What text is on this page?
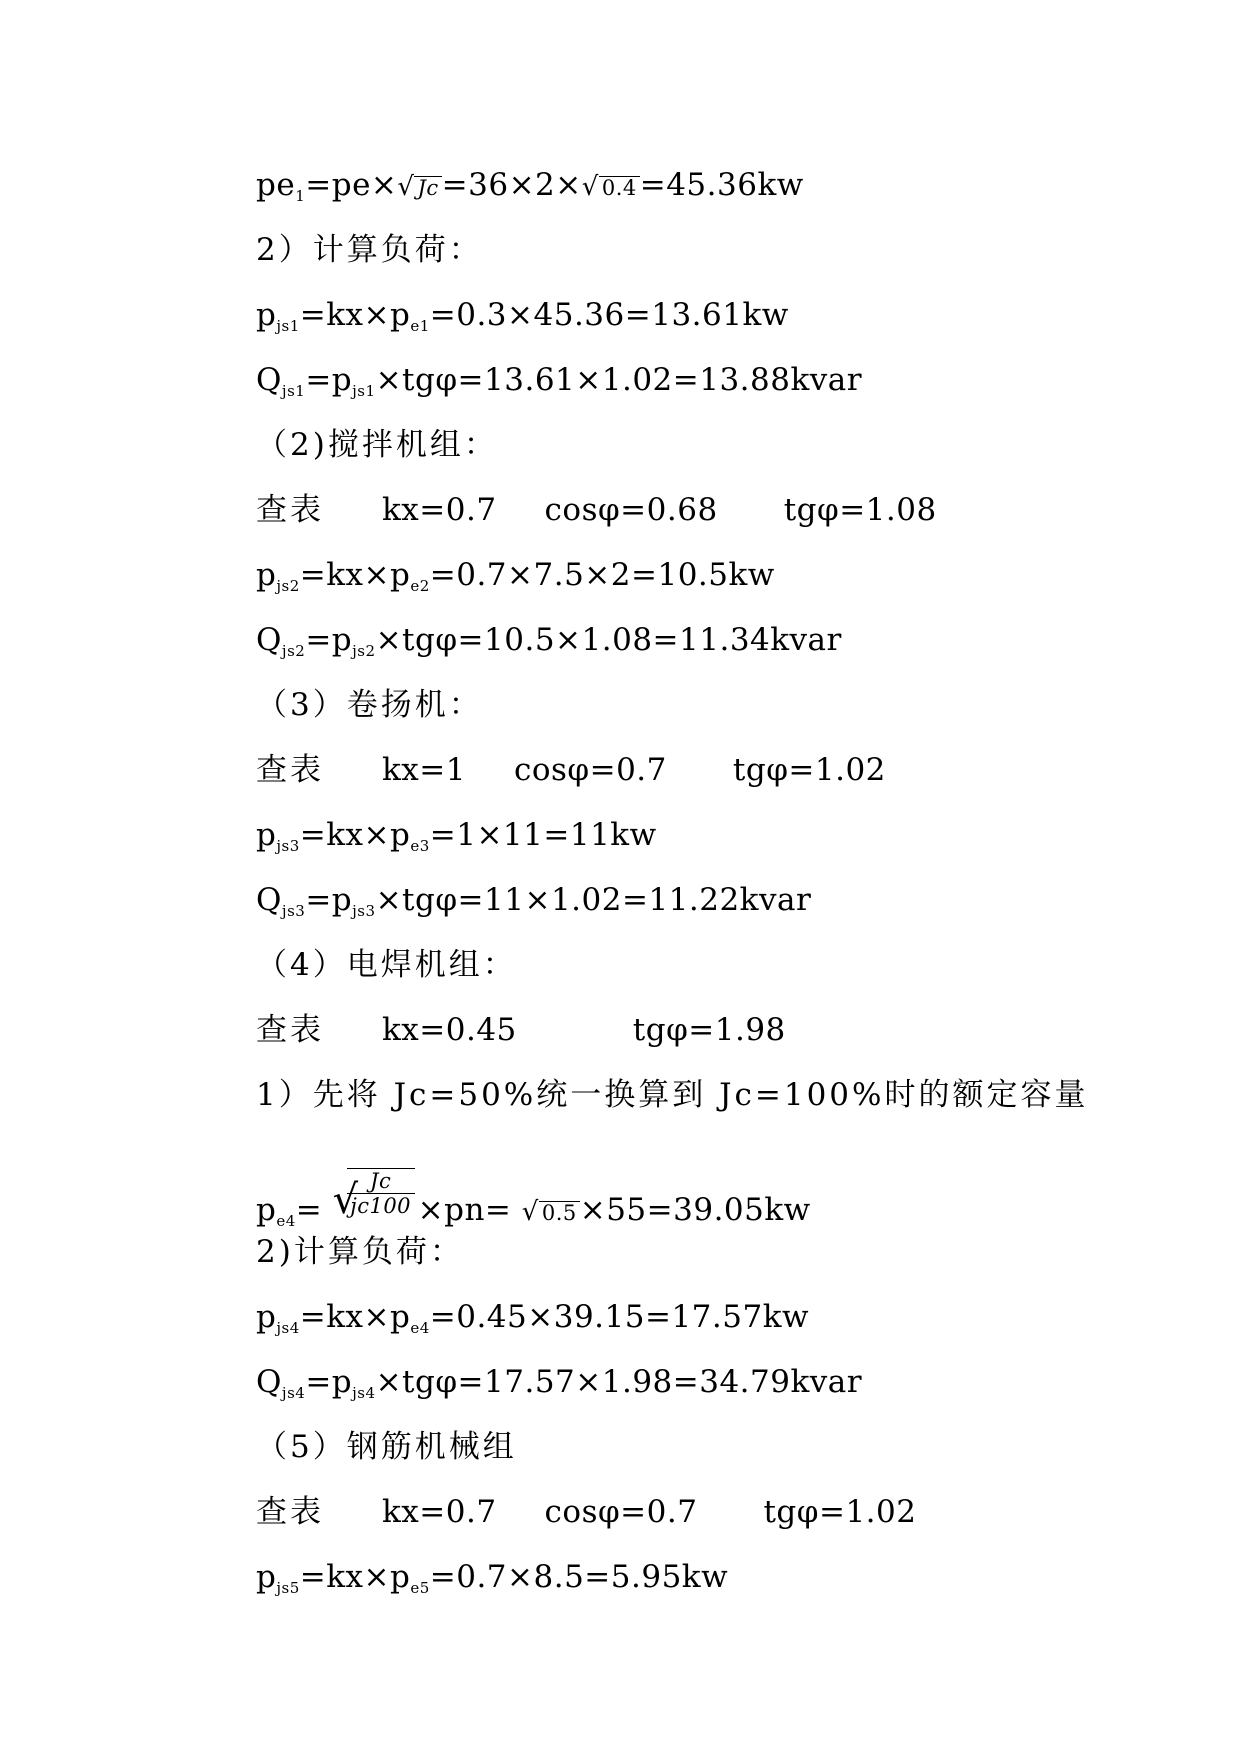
$pe_1=pe\times√$ Jc=36×2×√ 0.4=45.36kw
2）计算负荷：
$p_{js1}=kx\times p_{e1}=0.3\times 45.36=13.61kw$
$Q_{js1}=p_{js1}\times tg\varphi=13.61\times 1.02=13.88kvar$
（2)搅拌机组：
查表 kx=0.7 cosφ=0.68 tgφ=1.08
$p_{js2}=kx\times p_{e2}=0.7\times 7.5\times 2=10.5kw$
$Q_{js2}=p_{js2}\times tg\varphi=10.5\times 1.08=11.34kvar$
（3）卷扬机：
查表 kx=1 cosφ=0.7 tgφ=1.02
$p_{js3}=kx\times p_{e3}=1\times 11=11kw$
$Q_{js3}=p_{js3}\times tg\varphi=11\times 1.02=11.22kvar$
（4）电焊机组：
查表 kx=0.45	tgφ=1.98
1）先将 Jc=50%统一换算到 Jc=100%时的额定容量
$p_{e4}=$ √
$\frac{Jc}{jc100} \times pn=$ √ 0.5×55=39.05kw
2)计算负荷：
$p_{js4}=kx\times p_{e4}=0.45\times 39.15=17.57kw$
$Q_{js4}=p_{js4}\times tg\varphi=17.57\times 1.98=34.79kvar$
（5）钢筋机械组
查表 kx=0.7 cosφ=0.7 tgφ=1.02
$p_{js5}=kx\times p_{e5}=0.7\times 8.5=5.95kw$
